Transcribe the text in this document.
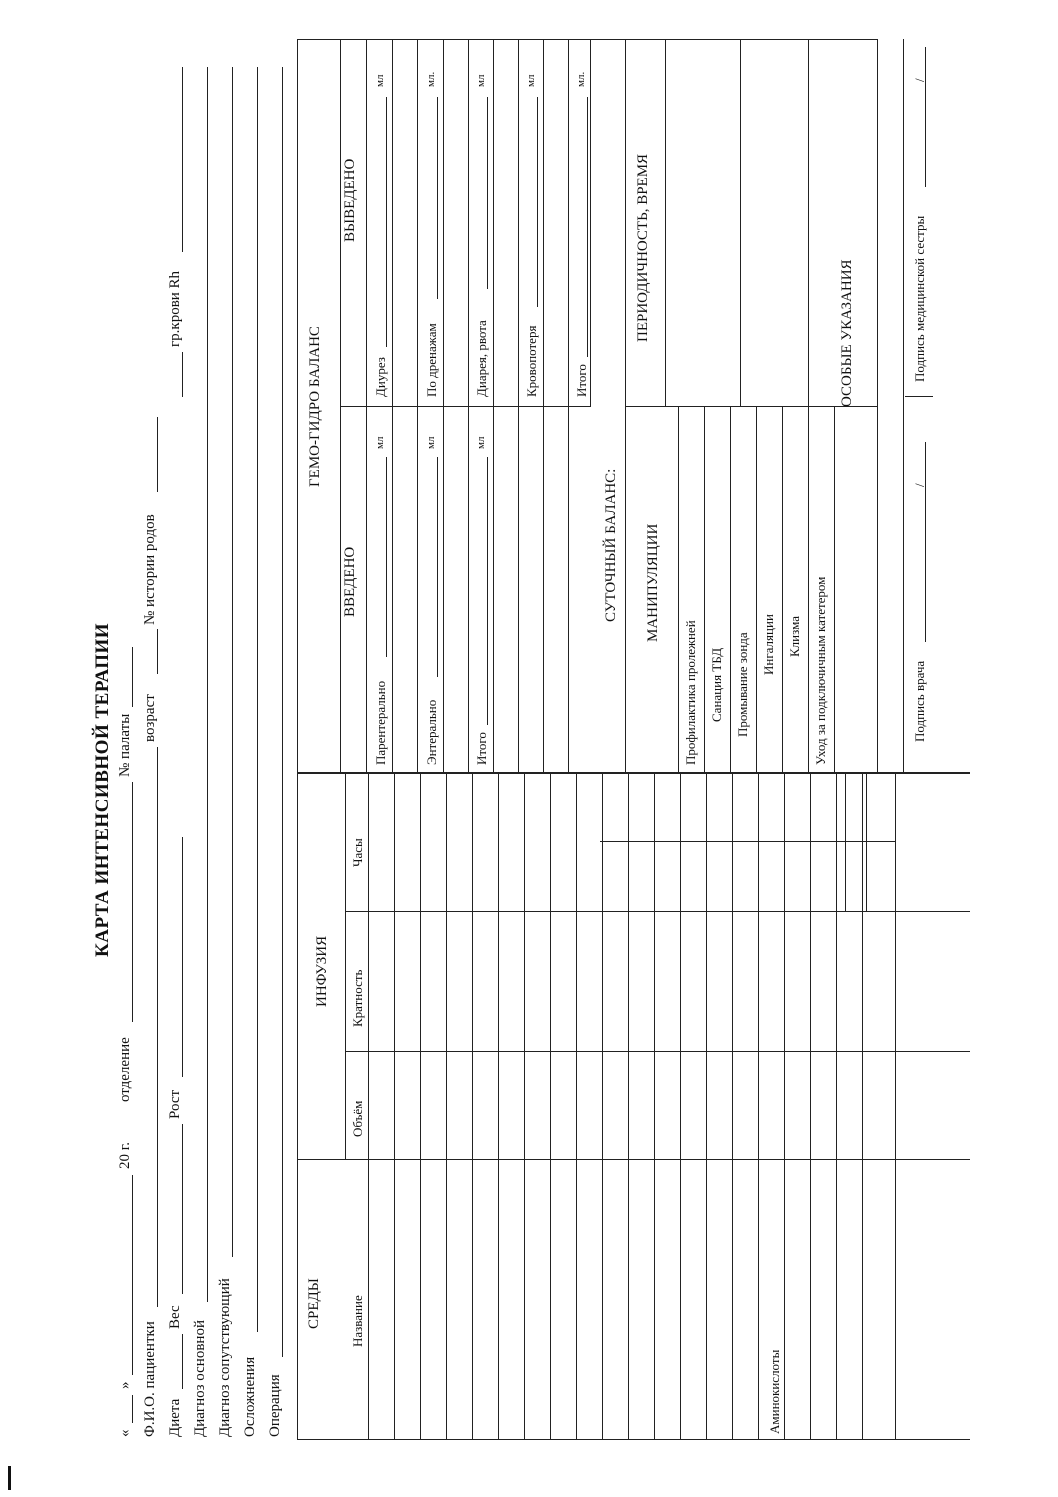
КАРТА ИНТЕНСИВНОЙ ТЕРАПИИ
«
»
20 г.
отделение
№ палаты
Ф.И.О. пациентки
возраст
№ истории родов
Диета
Вес
Рост
гр.крови Rh
Диагноз основной Диагноз сопутствующий Осложнения Операция
СРЕДЫ
ИНФУЗИЯ
Название
Объём
Кратность
Часы
Аминокислоты
ГЕМО-ГИДРО БАЛАНС
ВВЕДЕНО
ВЫВЕДЕНО
Парентерально
мл
Энтерально
мл
Итого
мл
Диурез
мл
По дренажам
мл.
Диарея, рвота
мл
Кровопотеря
мл
Итого
мл.
СУТОЧНЫЙ БАЛАНС: МАНИПУЛЯЦИИ
ПЕРИОДИЧНОСТЬ, ВРЕМЯ
Профилактика пролежней Санация ТБД Промывание зонда Ингаляции Клизма Уход за подключичным катетером
ОСОБЫЕ УКАЗАНИЯ
Подпись врача
/
Подпись медицинской сестры
/
